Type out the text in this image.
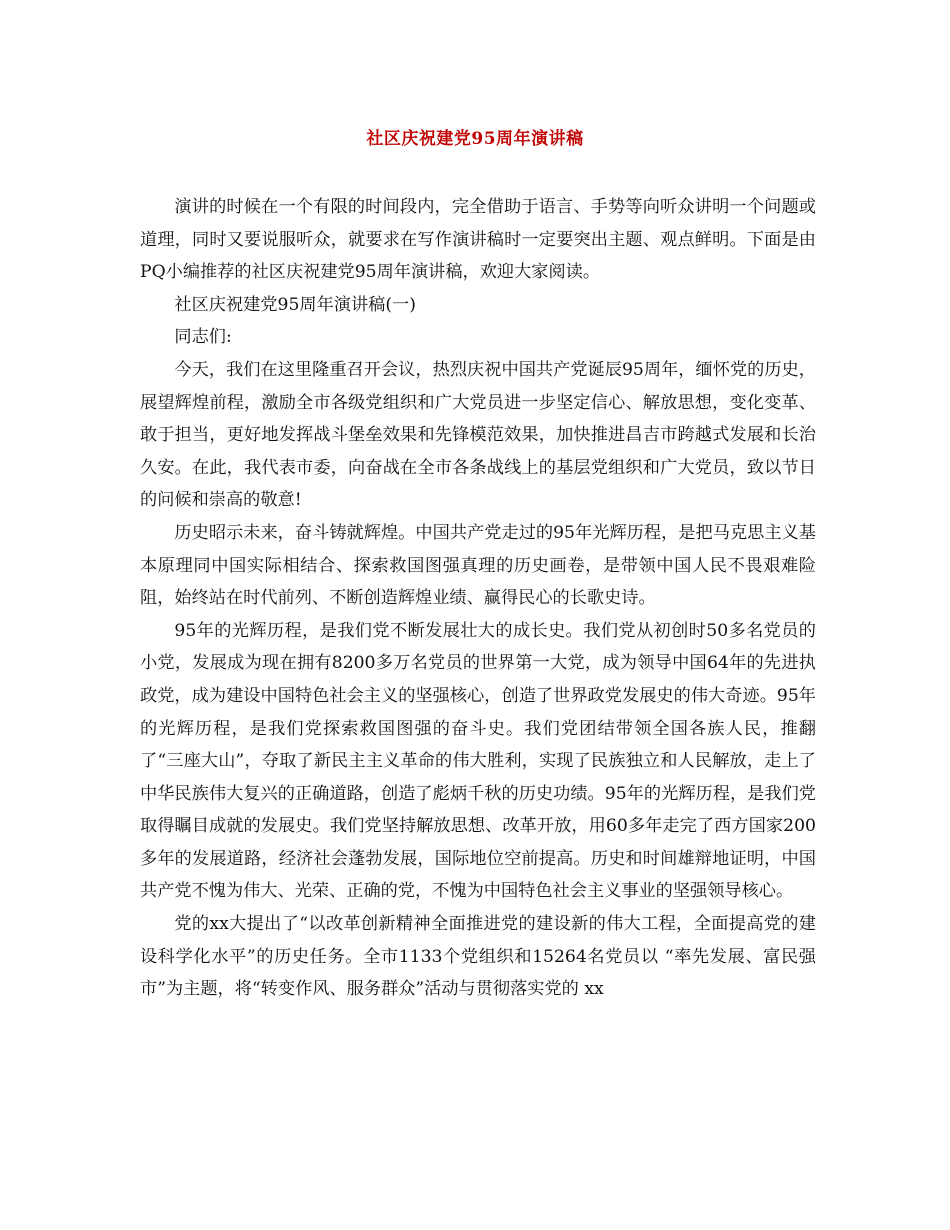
社区庆祝建党95周年演讲稿

演讲的时候在一个有限的时间段内，完全借助于语言、手势等向听众讲明一个问题或道理，同时又要说服听众，就要求在写作演讲稿时一定要突出主题、观点鲜明。下面是由PQ小编推荐的社区庆祝建党95周年演讲稿，欢迎大家阅读。

社区庆祝建党95周年演讲稿(一)

同志们:

今天，我们在这里隆重召开会议，热烈庆祝中国共产党诞辰95周年，缅怀党的历史，展望辉煌前程，激励全市各级党组织和广大党员进一步坚定信心、解放思想，变化变革、敢于担当，更好地发挥战斗堡垒效果和先锋模范效果，加快推进昌吉市跨越式发展和长治久安。在此，我代表市委，向奋战在全市各条战线上的基层党组织和广大党员，致以节日的问候和崇高的敬意!

历史昭示未来，奋斗铸就辉煌。中国共产党走过的95年光辉历程，是把马克思主义基本原理同中国实际相结合、探索救国图强真理的历史画卷，是带领中国人民不畏艰难险阻，始终站在时代前列、不断创造辉煌业绩、赢得民心的长歌史诗。

95年的光辉历程，是我们党不断发展壮大的成长史。我们党从初创时50多名党员的小党，发展成为现在拥有8200多万名党员的世界第一大党，成为领导中国64年的先进执政党，成为建设中国特色社会主义的坚强核心，创造了世界政党发展史的伟大奇迹。95年的光辉历程，是我们党探索救国图强的奋斗史。我们党团结带领全国各族人民，推翻了“三座大山”，夺取了新民主主义革命的伟大胜利，实现了民族独立和人民解放，走上了中华民族伟大复兴的正确道路，创造了彪炳千秋的历史功绩。95年的光辉历程，是我们党取得瞩目成就的发展史。我们党坚持解放思想、改革开放，用60多年走完了西方国家200多年的发展道路，经济社会蓬勃发展，国际地位空前提高。历史和时间雄辩地证明，中国共产党不愧为伟大、光荣、正确的党，不愧为中国特色社会主义事业的坚强领导核心。

党的xx大提出了“以改革创新精神全面推进党的建设新的伟大工程，全面提高党的建设科学化水平”的历史任务。全市1133个党组织和15264名党员以 “率先发展、富民强市”为主题，将“转变作风、服务群众”活动与贯彻落实党的 xx
